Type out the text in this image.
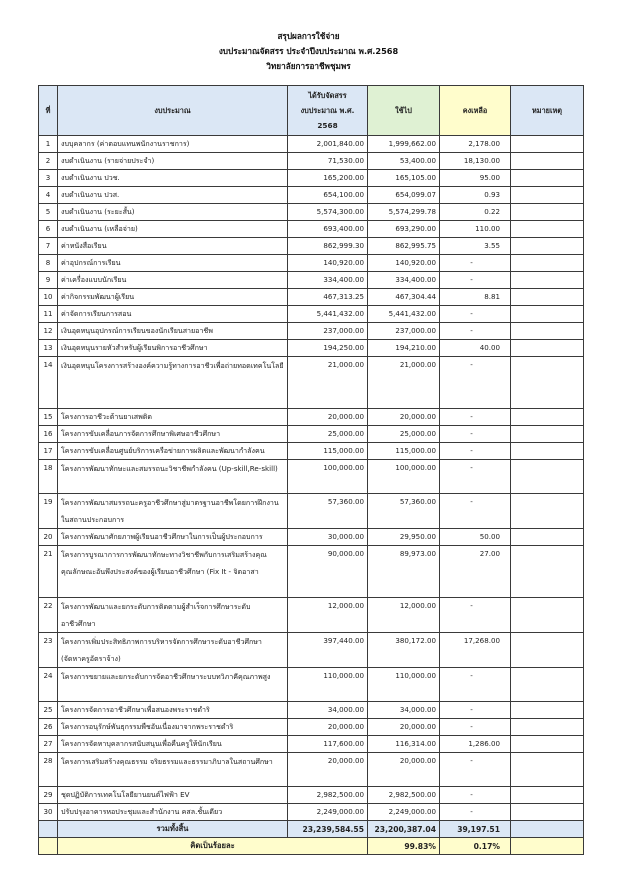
สรุปผลการใช้จ่าย
งบประมาณจัดสรร ประจำปีงบประมาณ พ.ศ.2568
วิทยาลัยการอาชีพชุมพร
ที่	งบประมาณ	ได้รับจัดสรร
งบประมาณ พ.ศ.
2568	ใช้ไป	คงเหลือ	หมายเหตุ
1	งบบุคลากร (ค่าตอบแทนพนักงานราชการ)	2,001,840.00	1,999,662.00	2,178.00	
2	งบดำเนินงาน (รายจ่ายประจำ)	71,530.00	53,400.00	18,130.00	
3	งบดำเนินงาน ปวช.	165,200.00	165,105.00	95.00	
4	งบดำเนินงาน ปวส.	654,100.00	654,099.07	0.93	
5	งบดำเนินงาน (ระยะสั้น)	5,574,300.00	5,574,299.78	0.22	
6	งบดำเนินงาน (เหลือจ่าย)	693,400.00	693,290.00	110.00	
7	ค่าหนังสือเรียน	862,999.30	862,995.75	3.55	
8	ค่าอุปกรณ์การเรียน	140,920.00	140,920.00	-	
9	ค่าเครื่องแบบนักเรียน	334,400.00	334,400.00	-	
10	ค่ากิจกรรมพัฒนาผู้เรียน	467,313.25	467,304.44	8.81	
11	ค่าจัดการเรียนการสอน	5,441,432.00	5,441,432.00	-	
12	เงินอุดหนุนอุปกรณ์การเรียนของนักเรียนสายอาชีพ	237,000.00	237,000.00	-	
13	เงินอุดหนุนรายหัวสำหรับผู้เรียนพิการอาชีวศึกษา	194,250.00	194,210.00	40.00	
14	เงินอุดหนุนโครงการสร้างองค์ความรู้ทางการอาชีวเพื่อถ่ายทอดเทคโนโลยี	21,000.00	21,000.00	-	
15	โครงการอาชีวะต้านยาเสพติด	20,000.00	20,000.00	-	
16	โครงการขับเคลื่อนการจัดการศึกษาพิเศษอาชีวศึกษา	25,000.00	25,000.00	-	
17	โครงการขับเคลื่อนศูนย์บริการเครือข่ายการผลิตและพัฒนากำลังคน	115,000.00	115,000.00	-	
18	โครงการพัฒนาทักษะและสมรรถนะวิชาชีพกำลังคน (Up-skill,Re-skill)	100,000.00	100,000.00	-	
19	โครงการพัฒนาสมรรถนะครูอาชีวศึกษาสู่มาตรฐานอาชีพโดยการฝึกงานในสถานประกอบการ	57,360.00	57,360.00	-	
20	โครงการพัฒนาศักยภาพผู้เรียนอาชีวศึกษาในการเป็นผู้ประกอบการ	30,000.00	29,950.00	50.00	
21	โครงการบูรณาการการพัฒนาทักษะทางวิชาชีพกับการเสริมสร้างคุณคุณลักษณะอันพึงประสงค์ของผู้เรียนอาชีวศึกษา (Fix It - จิตอาสา	90,000.00	89,973.00	27.00	
22	โครงการพัฒนาและยกระดับการติดตามผู้สำเร็จการศึกษาระดับอาชีวศึกษา	12,000.00	12,000.00	-	
23	โครงการเพิ่มประสิทธิภาพการบริหารจัดการศึกษาระดับอาชีวศึกษา (จัดหาครูอัตราจ้าง)	397,440.00	380,172.00	17,268.00	
24	โครงการขยายและยกระดับการจัดอาชีวศึกษาระบบทวิภาคีคุณภาพสูง	110,000.00	110,000.00	-	
25	โครงการจัดการอาชีวศึกษาเพื่อสนองพระราชดำริ	34,000.00	34,000.00	-	
26	โครงการอนุรักษ์พันธุกรรมพืชอันเนื่องมาจากพระราชดำริ	20,000.00	20,000.00	-	
27	โครงการจัดหาบุคลากรสนับสนุนเพื่อคืนครูให้นักเรียน	117,600.00	116,314.00	1,286.00	
28	โครงการเสริมสร้างคุณธรรม จริยธรรมและธรรมาภิบาลในสถานศึกษา	20,000.00	20,000.00	-	
29	ชุดปฏิบัติการเทคโนโลยียานยนต์ไฟฟ้า EV	2,982,500.00	2,982,500.00	-	
30	ปรับปรุงอาคารหอประชุมและสำนักงาน คสล.ชั้นเดียว	2,249,000.00	2,249,000.00	-	
	รวมทั้งสิ้น	23,239,584.55	23,200,387.04	39,197.51	
	คิดเป็นร้อยละ		99.83%	0.17%	
